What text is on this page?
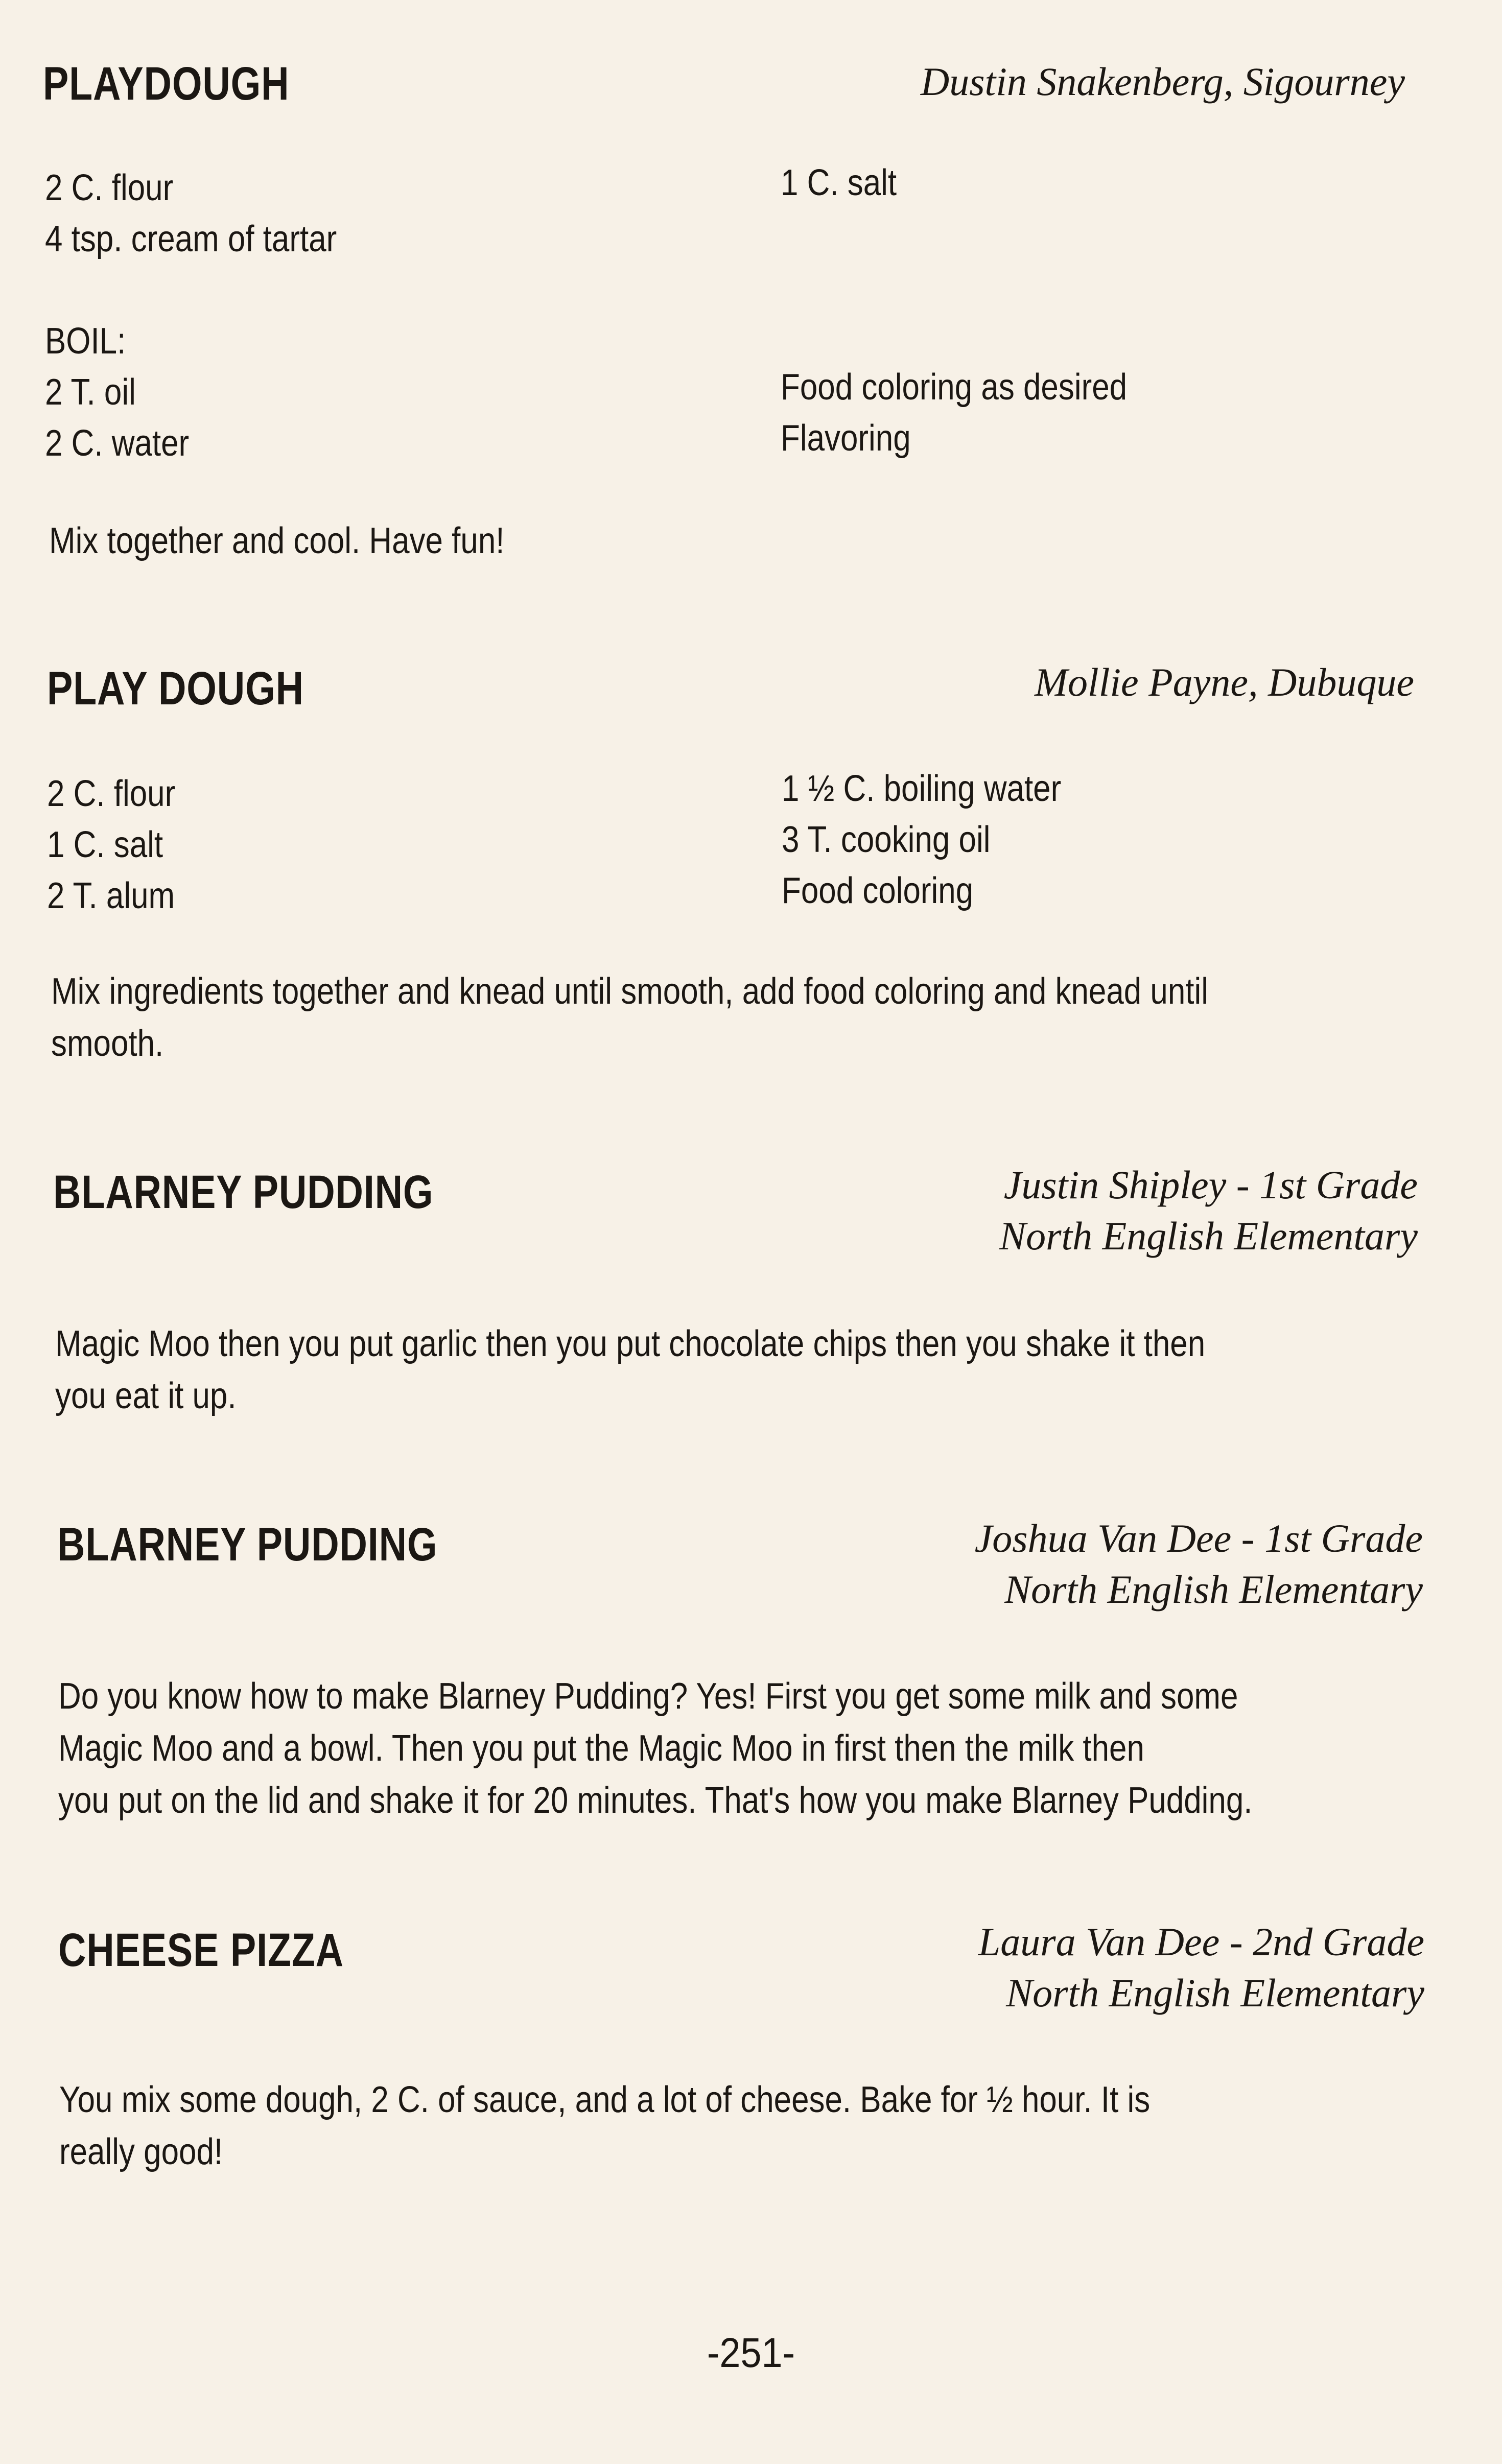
PLAYDOUGH	Dustin Snakenberg, Sigourney
2 C. flour
4 tsp. cream of tartar
BOIL:
2 T. oil
2 C. water
1 C. salt
Food coloring as desired
Flavoring
Mix together and cool. Have fun!
PLAY DOUGH	Mollie Payne, Dubuque
2 C. flour
1 C. salt
2 T. alum
1 ½ C. boiling water
3 T. cooking oil
Food coloring
Mix ingredients together and knead until smooth, add food coloring and knead until
smooth.
BLARNEY PUDDING	Justin Shipley - 1st Grade
North English Elementary
Magic Moo then you put garlic then you put chocolate chips then you shake it then
you eat it up.
BLARNEY PUDDING	Joshua Van Dee - 1st Grade
North English Elementary
Do you know how to make Blarney Pudding? Yes! First you get some milk and some
Magic Moo and a bowl. Then you put the Magic Moo in first then the milk then
you put on the lid and shake it for 20 minutes. That's how you make Blarney Pudding.
CHEESE PIZZA	Laura Van Dee - 2nd Grade
North English Elementary
You mix some dough, 2 C. of sauce, and a lot of cheese. Bake for ½ hour. It is
really good!
-251-
